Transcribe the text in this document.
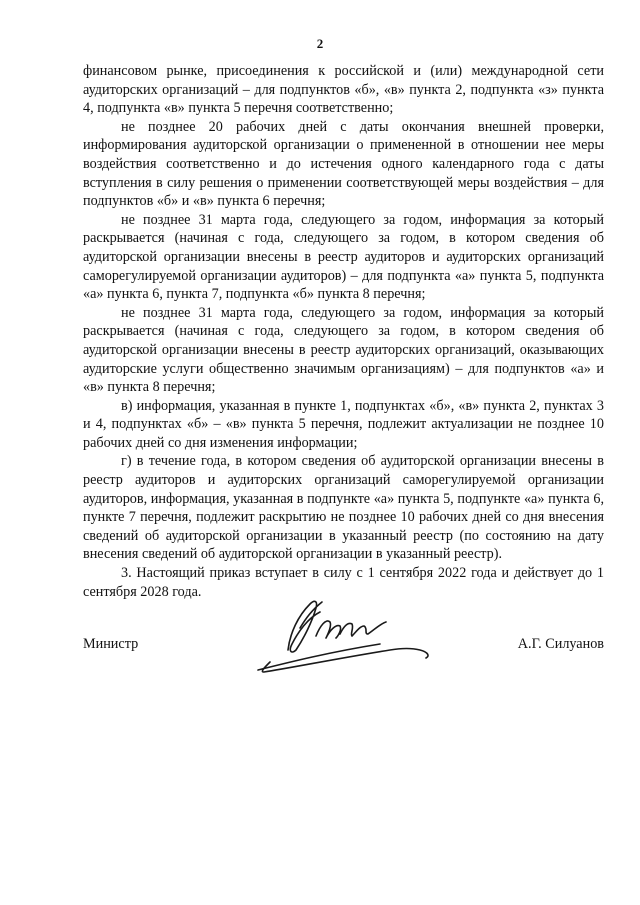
2

финансовом рынке, присоединения к российской и (или) международной сети аудиторских организаций – для подпунктов «б», «в» пункта 2, подпункта «з» пункта 4, подпункта «в» пункта 5 перечня соответственно;

не позднее 20 рабочих дней с даты окончания внешней проверки, информирования аудиторской организации о примененной в отношении нее меры воздействия соответственно и до истечения одного календарного года с даты вступления в силу решения о применении соответствующей меры воздействия – для подпунктов «б» и «в» пункта 6 перечня;

не позднее 31 марта года, следующего за годом, информация за который раскрывается (начиная с года, следующего за годом, в котором сведения об аудиторской организации внесены в реестр аудиторов и аудиторских организаций саморегулируемой организации аудиторов) – для подпункта «а» пункта 5, подпункта «а» пункта 6, пункта 7, подпункта «б» пункта 8 перечня;

не позднее 31 марта года, следующего за годом, информация за который раскрывается (начиная с года, следующего за годом, в котором сведения об аудиторской организации внесены в реестр аудиторских организаций, оказывающих аудиторские услуги общественно значимым организациям) – для подпунктов «а» и «в» пункта 8 перечня;

в) информация, указанная в пункте 1, подпунктах «б», «в» пункта 2, пунктах 3 и 4, подпунктах «б» – «в» пункта 5 перечня, подлежит актуализации не позднее 10 рабочих дней со дня изменения информации;

г) в течение года, в котором сведения об аудиторской организации внесены в реестр аудиторов и аудиторских организаций саморегулируемой организации аудиторов, информация, указанная в подпункте «а» пункта 5, подпункте «а» пункта 6, пункте 7 перечня, подлежит раскрытию не позднее 10 рабочих дней со дня внесения сведений об аудиторской организации в указанный реестр (по состоянию на дату внесения сведений об аудиторской организации в указанный реестр).

3. Настоящий приказ вступает в силу с 1 сентября 2022 года и действует до 1 сентября 2028 года.

Министр	А.Г. Силуанов
